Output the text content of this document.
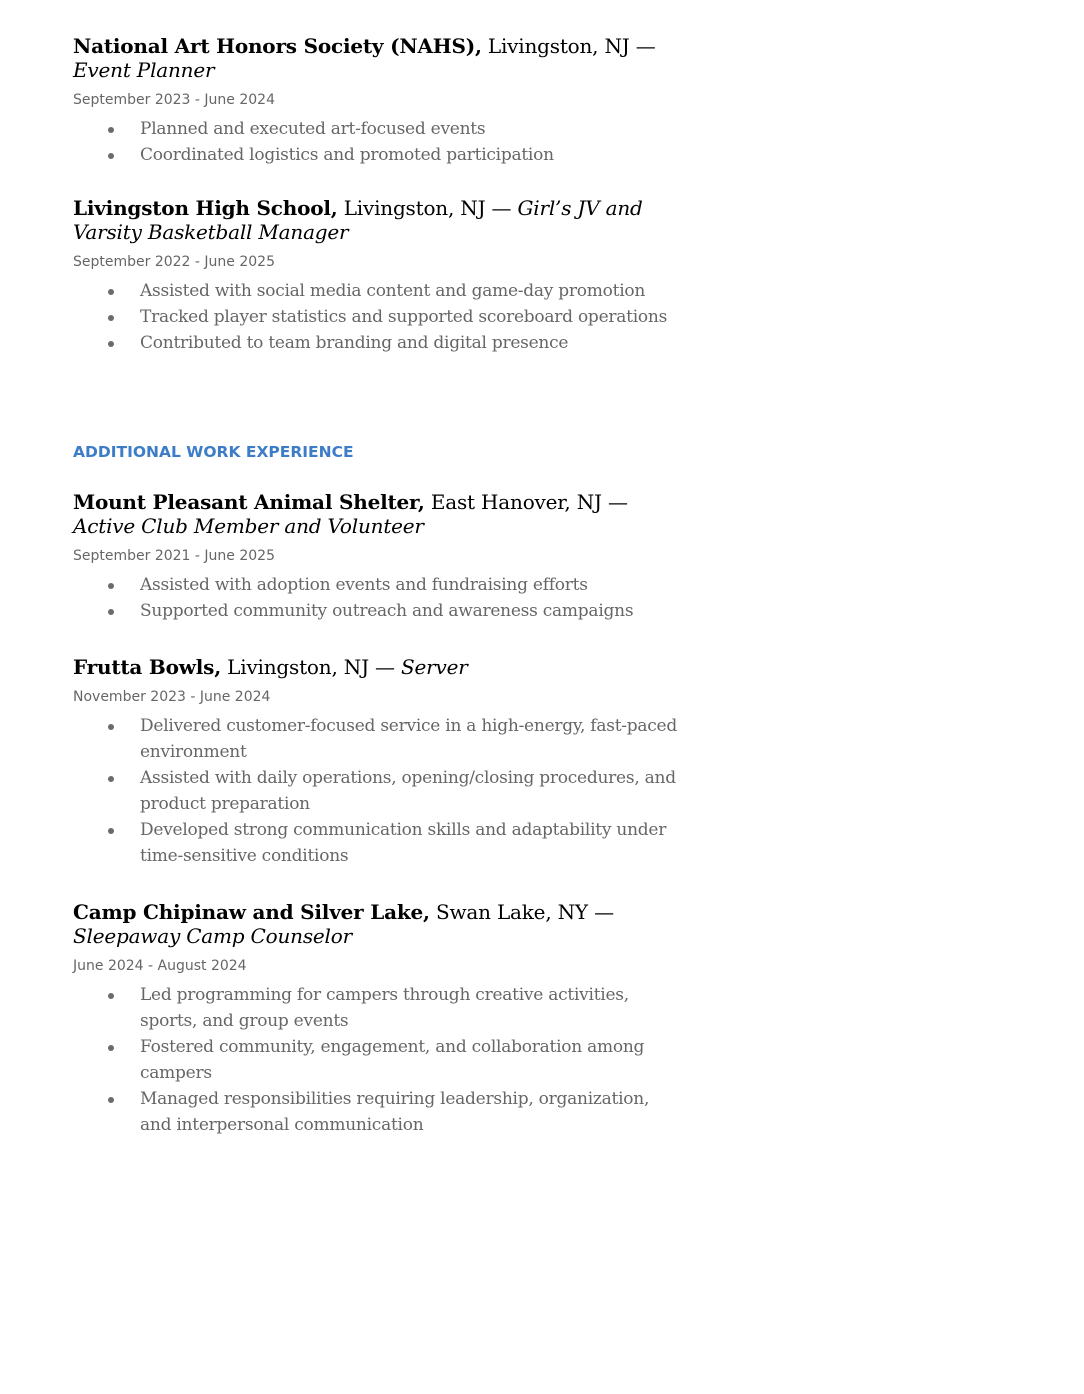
National Art Honors Society (NAHS), Livingston, NJ — Event Planner

September 2023 - June 2024
Planned and executed art-focused events
Coordinated logistics and promoted participation

Livingston High School, Livingston, NJ — Girl’s JV and Varsity Basketball Manager

September 2022 - June 2025
Assisted with social media content and game-day promotion
Tracked player statistics and supported scoreboard operations
Contributed to team branding and digital presence
ADDITIONAL WORK EXPERIENCE

Mount Pleasant Animal Shelter, East Hanover, NJ — Active Club Member and Volunteer

September 2021 - June 2025
Assisted with adoption events and fundraising efforts
Supported community outreach and awareness campaigns

Frutta Bowls, Livingston, NJ — Server

November 2023 - June 2024
Delivered customer-focused service in a high-energy, fast-paced environment
Assisted with daily operations, opening/closing procedures, and product preparation
Developed strong communication skills and adaptability under time-sensitive conditions

Camp Chipinaw and Silver Lake, Swan Lake, NY — Sleepaway Camp Counselor

June 2024 - August 2024
Led programming for campers through creative activities, sports, and group events
Fostered community, engagement, and collaboration among campers
Managed responsibilities requiring leadership, organization, and interpersonal communication
